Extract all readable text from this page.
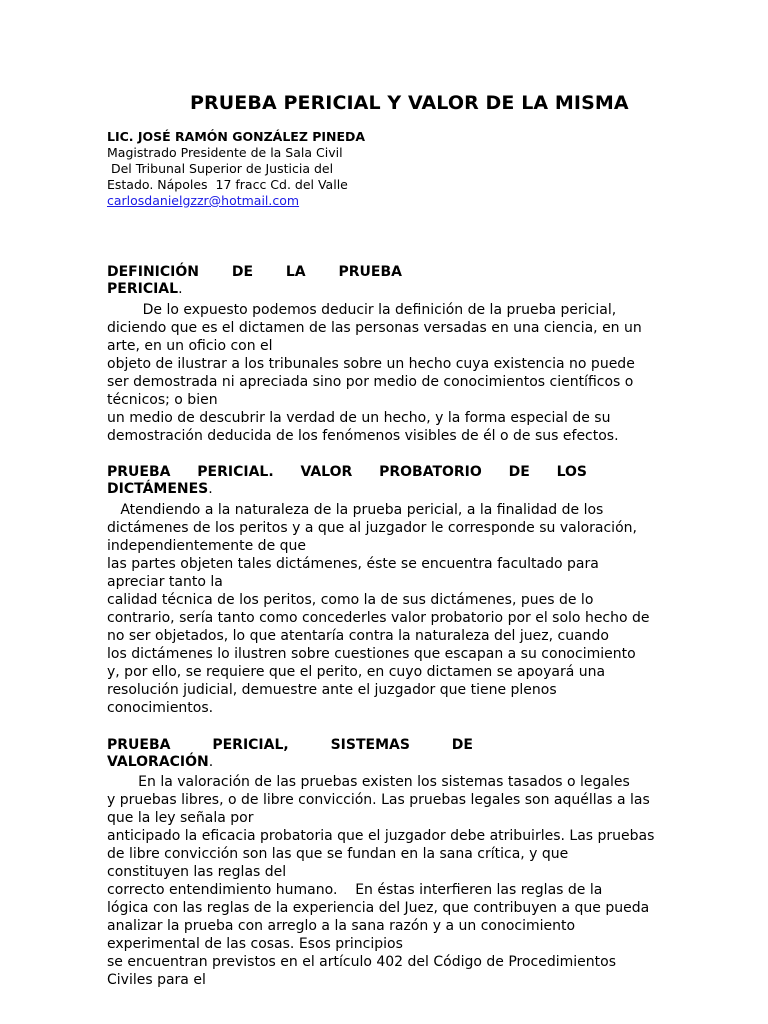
PRUEBA PERICIAL Y VALOR DE LA MISMA
LIC. JOSÉ RAMÓN GONZÁLEZ PINEDA
Magistrado Presidente de la Sala Civil
Del Tribunal Superior de Justicia del
Estado. Nápoles  17 fracc Cd. del Valle
carlosdanielgzzr@hotmail.com
DEFINICIÓN DE LA PRUEBA
PERICIAL.
De lo expuesto podemos deducir la definición de la prueba pericial,
diciendo que es el dictamen de las personas versadas en una ciencia, en un
arte, en un oficio con el
objeto de ilustrar a los tribunales sobre un hecho cuya existencia no puede
ser demostrada ni apreciada sino por medio de conocimientos científicos o
técnicos; o bien
un medio de descubrir la verdad de un hecho, y la forma especial de su
demostración deducida de los fenómenos visibles de él o de sus efectos.
PRUEBA PERICIAL. VALOR PROBATORIO DE LOS
DICTÁMENES.
Atendiendo a la naturaleza de la prueba pericial, a la finalidad de los
dictámenes de los peritos y a que al juzgador le corresponde su valoración,
independientemente de que
las partes objeten tales dictámenes, éste se encuentra facultado para
apreciar tanto la
calidad técnica de los peritos, como la de sus dictámenes, pues de lo
contrario, sería tanto como concederles valor probatorio por el solo hecho de
no ser objetados, lo que atentaría contra la naturaleza del juez, cuando
los dictámenes lo ilustren sobre cuestiones que escapan a su conocimiento
y, por ello, se requiere que el perito, en cuyo dictamen se apoyará una
resolución judicial, demuestre ante el juzgador que tiene plenos
conocimientos.
PRUEBA	PERICIAL,	SISTEMAS	DE
VALORACIÓN.
En la valoración de las pruebas existen los sistemas tasados o legales
y pruebas libres, o de libre convicción. Las pruebas legales son aquéllas a las
que la ley señala por
anticipado la eficacia probatoria que el juzgador debe atribuirles. Las pruebas
de libre convicción son las que se fundan en la sana crítica, y que
constituyen las reglas del
correcto entendimiento humano.    En éstas interfieren las reglas de la
lógica con las reglas de la experiencia del Juez, que contribuyen a que pueda
analizar la prueba con arreglo a la sana razón y a un conocimiento
experimental de las cosas. Esos principios
se encuentran previstos en el artículo 402 del Código de Procedimientos
Civiles para el
